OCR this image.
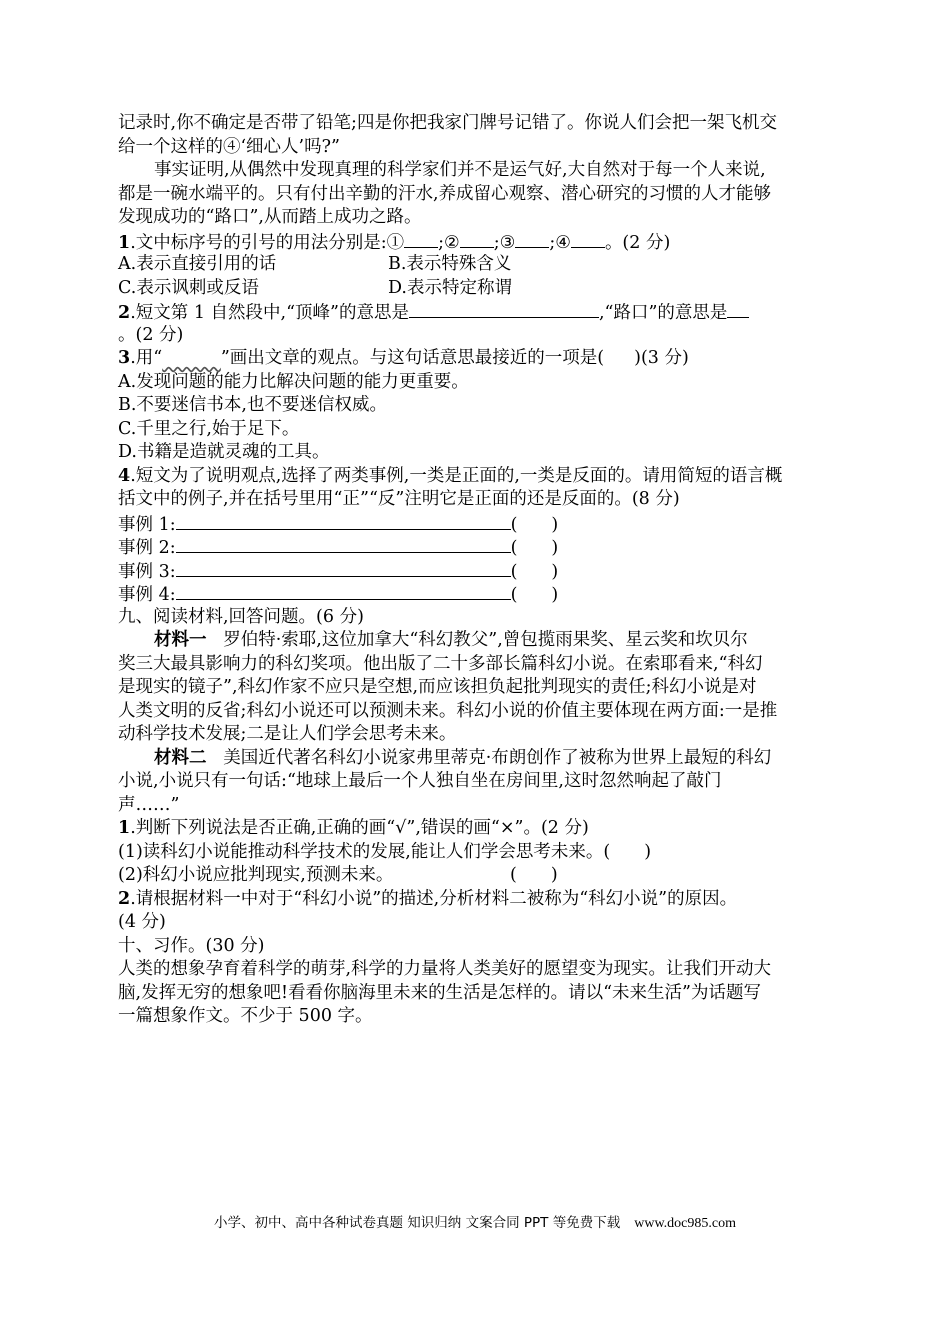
记录时,你不确定是否带了铅笔;四是你把我家门牌号记错了。你说人们会把一架飞机交
给一个这样的④‘细心人’吗?”
事实证明,从偶然中发现真理的科学家们并不是运气好,大自然对于每一个人来说,
都是一碗水端平的。只有付出辛勤的汗水,养成留心观察、潜心研究的习惯的人才能够
发现成功的“路口”,从而踏上成功之路。
1.文中标序号的引号的用法分别是:① ;② ;③ ;④ 。(2 分)
A.表示直接引用的话	B.表示特殊含义
C.表示讽刺或反语	D.表示特定称谓
2.短文第 1 自然段中,“顶峰”的意思是	,“路口”的意思是
。(2 分)
3.用“	”画出文章的观点。与这句话意思最接近的一项是( )(3 分)
A.发现问题的能力比解决问题的能力更重要。
B.不要迷信书本,也不要迷信权威。
C.千里之行,始于足下。
D.书籍是造就灵魂的工具。
4.短文为了说明观点,选择了两类事例,一类是正面的,一类是反面的。请用简短的语言概
括文中的例子,并在括号里用“正”“反”注明它是正面的还是反面的。(8 分)
事例 1:	( )
事例 2:	( )
事例 3:	( )
事例 4:	( )
九、阅读材料,回答问题。(6 分)
材料一 罗伯特·索耶,这位加拿大“科幻教父”,曾包揽雨果奖、星云奖和坎贝尔
奖三大最具影响力的科幻奖项。他出版了二十多部长篇科幻小说。在索耶看来,“科幻
是现实的镜子”,科幻作家不应只是空想,而应该担负起批判现实的责任;科幻小说是对
人类文明的反省;科幻小说还可以预测未来。科幻小说的价值主要体现在两方面:一是推
动科学技术发展;二是让人们学会思考未来。
材料二 美国近代著名科幻小说家弗里蒂克·布朗创作了被称为世界上最短的科幻
小说,小说只有一句话:“地球上最后一个人独自坐在房间里,这时忽然响起了敲门
声……”
1.判断下列说法是否正确,正确的画“√”,错误的画“×”。(2 分)
(1)读科幻小说能推动科学技术的发展,能让人们学会思考未来。( )
(2)科幻小说应批判现实,预测未来。	( )
2.请根据材料一中对于“科幻小说”的描述,分析材料二被称为“科幻小说”的原因。
(4 分)
十、习作。(30 分)
人类的想象孕育着科学的萌芽,科学的力量将人类美好的愿望变为现实。让我们开动大
脑,发挥无穷的想象吧!看看你脑海里未来的生活是怎样的。请以“未来生活”为话题写
一篇想象作文。不少于 500 字。
小学、初中、高中各种试卷真题 知识归纳 文案合同 PPT 等免费下载 www.doc985.com
